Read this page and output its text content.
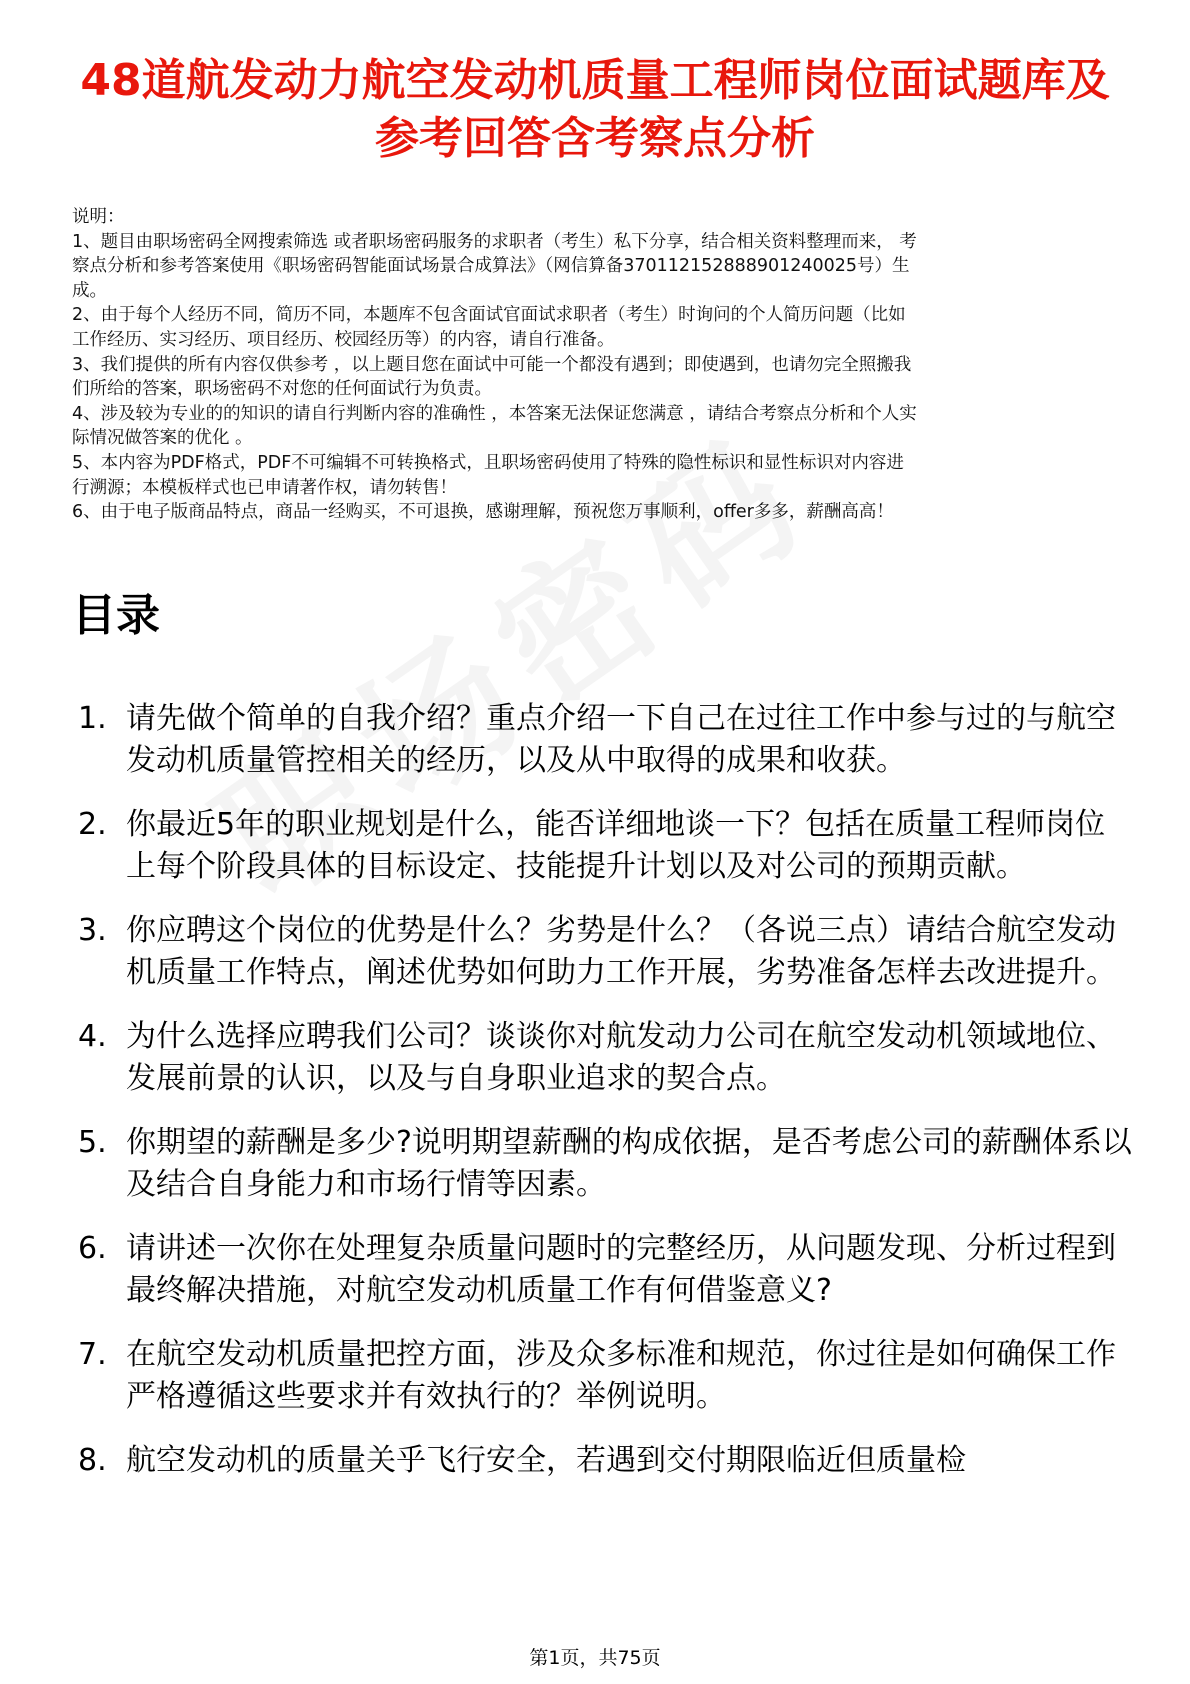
48道航发动力航空发动机质量工程师岗位面试题库及参考回答含考察点分析
说明：
1、题目由职场密码全网搜索筛选 或者职场密码服务的求职者（考生）私下分享，结合相关资料整理而来， 考
察点分析和参考答案使用《职场密码智能面试场景合成算法》（网信算备370112152888901240025号）生
成。
2、由于每个人经历不同，简历不同，本题库不包含面试官面试求职者（考生）时询问的个人简历问题（比如
工作经历、实习经历、项目经历、校园经历等）的内容，请自行准备。
3、我们提供的所有内容仅供参考 ，以上题目您在面试中可能一个都没有遇到；即使遇到，也请勿完全照搬我
们所给的答案，职场密码不对您的任何面试行为负责。
4、涉及较为专业的的知识的请自行判断内容的准确性 ，本答案无法保证您满意 ，请结合考察点分析和个人实
际情况做答案的优化 。
5、本内容为PDF格式，PDF不可编辑不可转换格式，且职场密码使用了特殊的隐性标识和显性标识对内容进
行溯源；本模板样式也已申请著作权，请勿转售！
6、由于电子版商品特点，商品一经购买，不可退换，感谢理解，预祝您万事顺利，offer多多，薪酬高高！
目录
1. 请先做个简单的自我介绍？重点介绍一下自己在过往工作中参与过的与航空发动机质量管控相关的经历，以及从中取得的成果和收获。
2. 你最近5年的职业规划是什么，能否详细地谈一下？包括在质量工程师岗位上每个阶段具体的目标设定、技能提升计划以及对公司的预期贡献。
3. 你应聘这个岗位的优势是什么？劣势是什么？（各说三点）请结合航空发动机质量工作特点，阐述优势如何助力工作开展，劣势准备怎样去改进提升。
4. 为什么选择应聘我们公司？谈谈你对航发动力公司在航空发动机领域地位、发展前景的认识，以及与自身职业追求的契合点。
5. 你期望的薪酬是多少?说明期望薪酬的构成依据，是否考虑公司的薪酬体系以及结合自身能力和市场行情等因素。
6. 请讲述一次你在处理复杂质量问题时的完整经历，从问题发现、分析过程到最终解决措施，对航空发动机质量工作有何借鉴意义?
7. 在航空发动机质量把控方面，涉及众多标准和规范，你过往是如何确保工作严格遵循这些要求并有效执行的？举例说明。
8. 航空发动机的质量关乎飞行安全，若遇到交付期限临近但质量检
第1页，共75页
